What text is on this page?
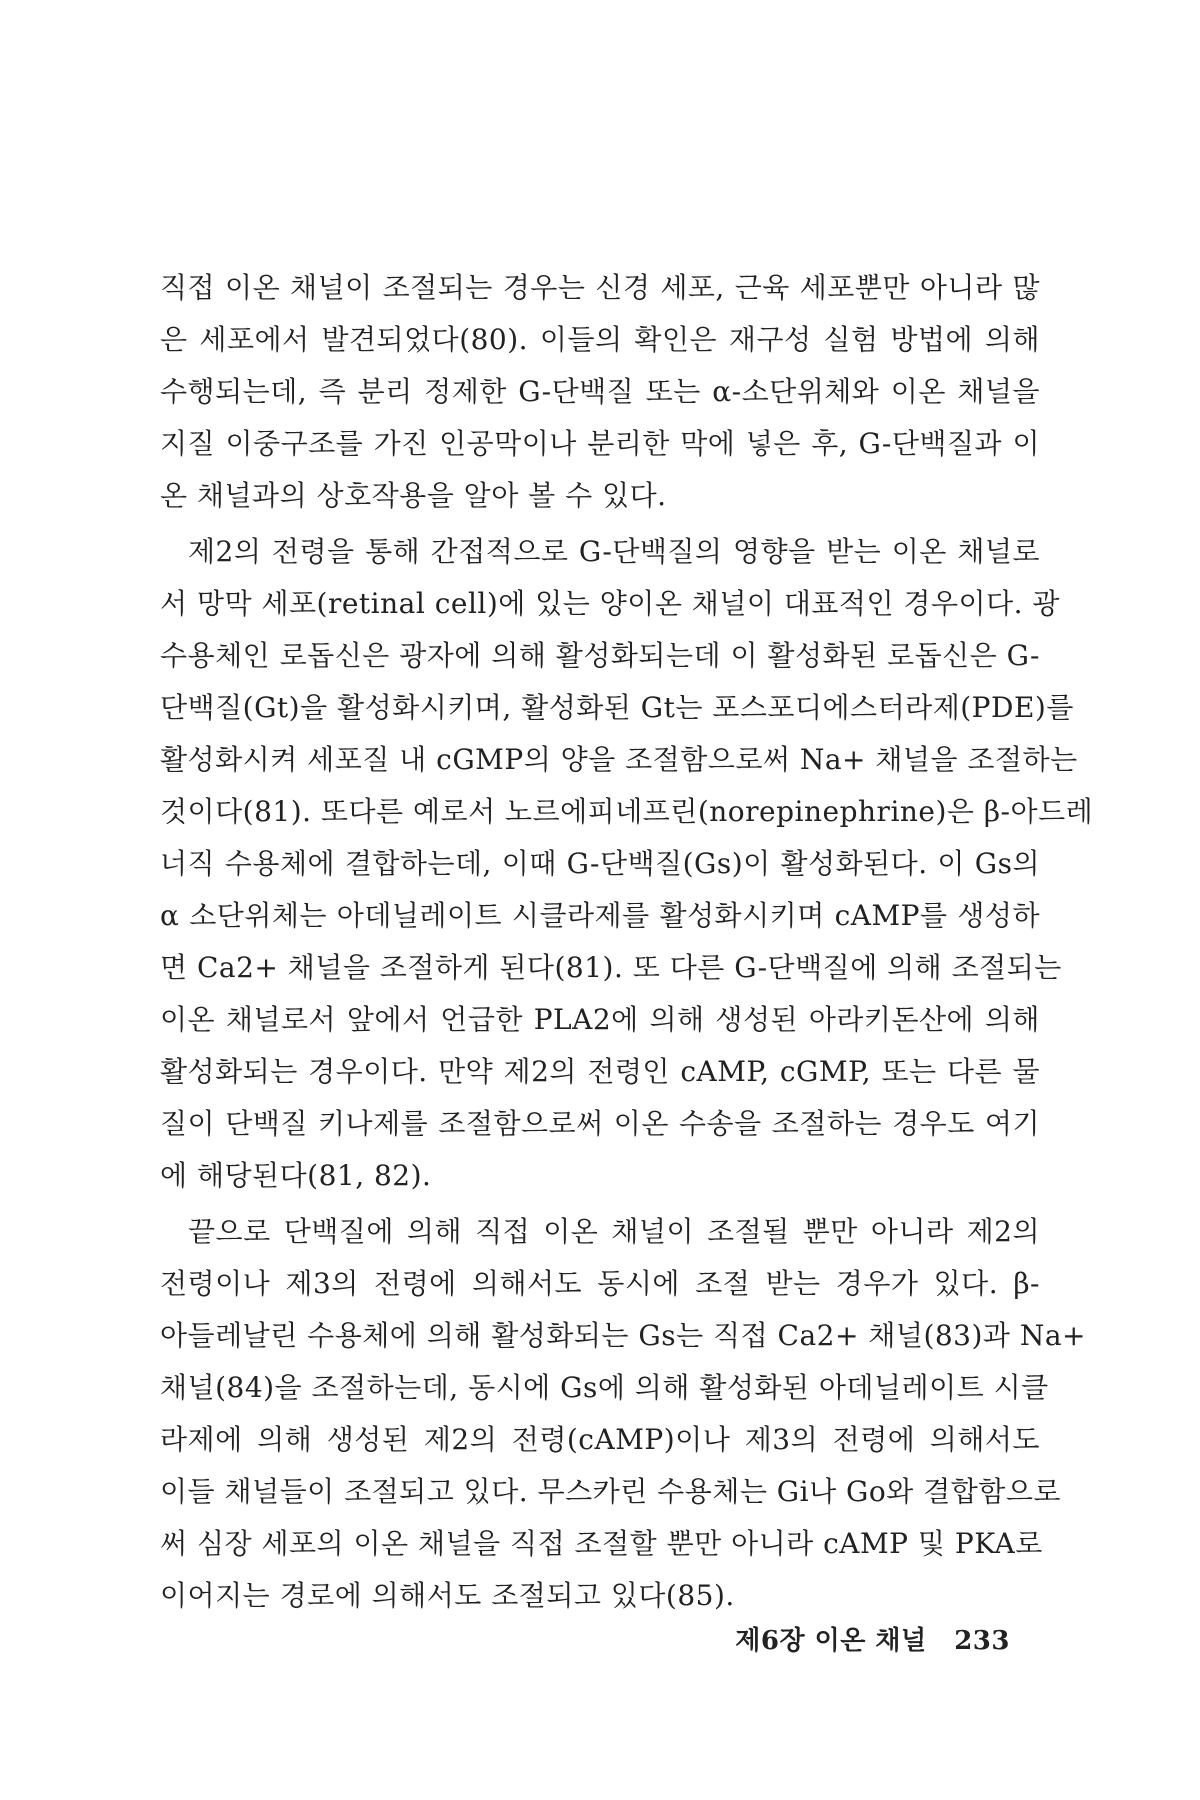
직접 이온 채널이 조절되는 경우는 신경 세포, 근육 세포뿐만 아니라 많
은 세포에서 발견되었다(80). 이들의 확인은 재구성 실험 방법에 의해
수행되는데, 즉 분리 정제한 G-단백질 또는 α-소단위체와 이온 채널을
지질 이중구조를 가진 인공막이나 분리한 막에 넣은 후, G-단백질과 이
온 채널과의 상호작용을 알아 볼 수 있다.

제2의 전령을 통해 간접적으로 G-단백질의 영향을 받는 이온 채널로
서 망막 세포(retinal cell)에 있는 양이온 채널이 대표적인 경우이다. 광
수용체인 로돕신은 광자에 의해 활성화되는데 이 활성화된 로돕신은 G-
단백질(Gt)을 활성화시키며, 활성화된 Gt는 포스포디에스터라제(PDE)를
활성화시켜 세포질 내 cGMP의 양을 조절함으로써 Na+ 채널을 조절하는
것이다(81). 또다른 예로서 노르에피네프린(norepinephrine)은 β-아드레
너직 수용체에 결합하는데, 이때 G-단백질(Gs)이 활성화된다. 이 Gs의
α 소단위체는 아데닐레이트 시클라제를 활성화시키며 cAMP를 생성하
면 Ca2+ 채널을 조절하게 된다(81). 또 다른 G-단백질에 의해 조절되는
이온 채널로서 앞에서 언급한 PLA2에 의해 생성된 아라키돈산에 의해
활성화되는 경우이다. 만약 제2의 전령인 cAMP, cGMP, 또는 다른 물
질이 단백질 키나제를 조절함으로써 이온 수송을 조절하는 경우도 여기
에 해당된다(81, 82).

끝으로 단백질에 의해 직접 이온 채널이 조절될 뿐만 아니라 제2의
전령이나 제3의 전령에 의해서도 동시에 조절 받는 경우가 있다. β-
아들레날린 수용체에 의해 활성화되는 Gs는 직접 Ca2+ 채널(83)과 Na+
채널(84)을 조절하는데, 동시에 Gs에 의해 활성화된 아데닐레이트 시클
라제에 의해 생성된 제2의 전령(cAMP)이나 제3의 전령에 의해서도
이들 채널들이 조절되고 있다. 무스카린 수용체는 Gi나 Go와 결합함으로
써 심장 세포의 이온 채널을 직접 조절할 뿐만 아니라 cAMP 및 PKA로
이어지는 경로에 의해서도 조절되고 있다(85).

제6장 이온 채널 233
